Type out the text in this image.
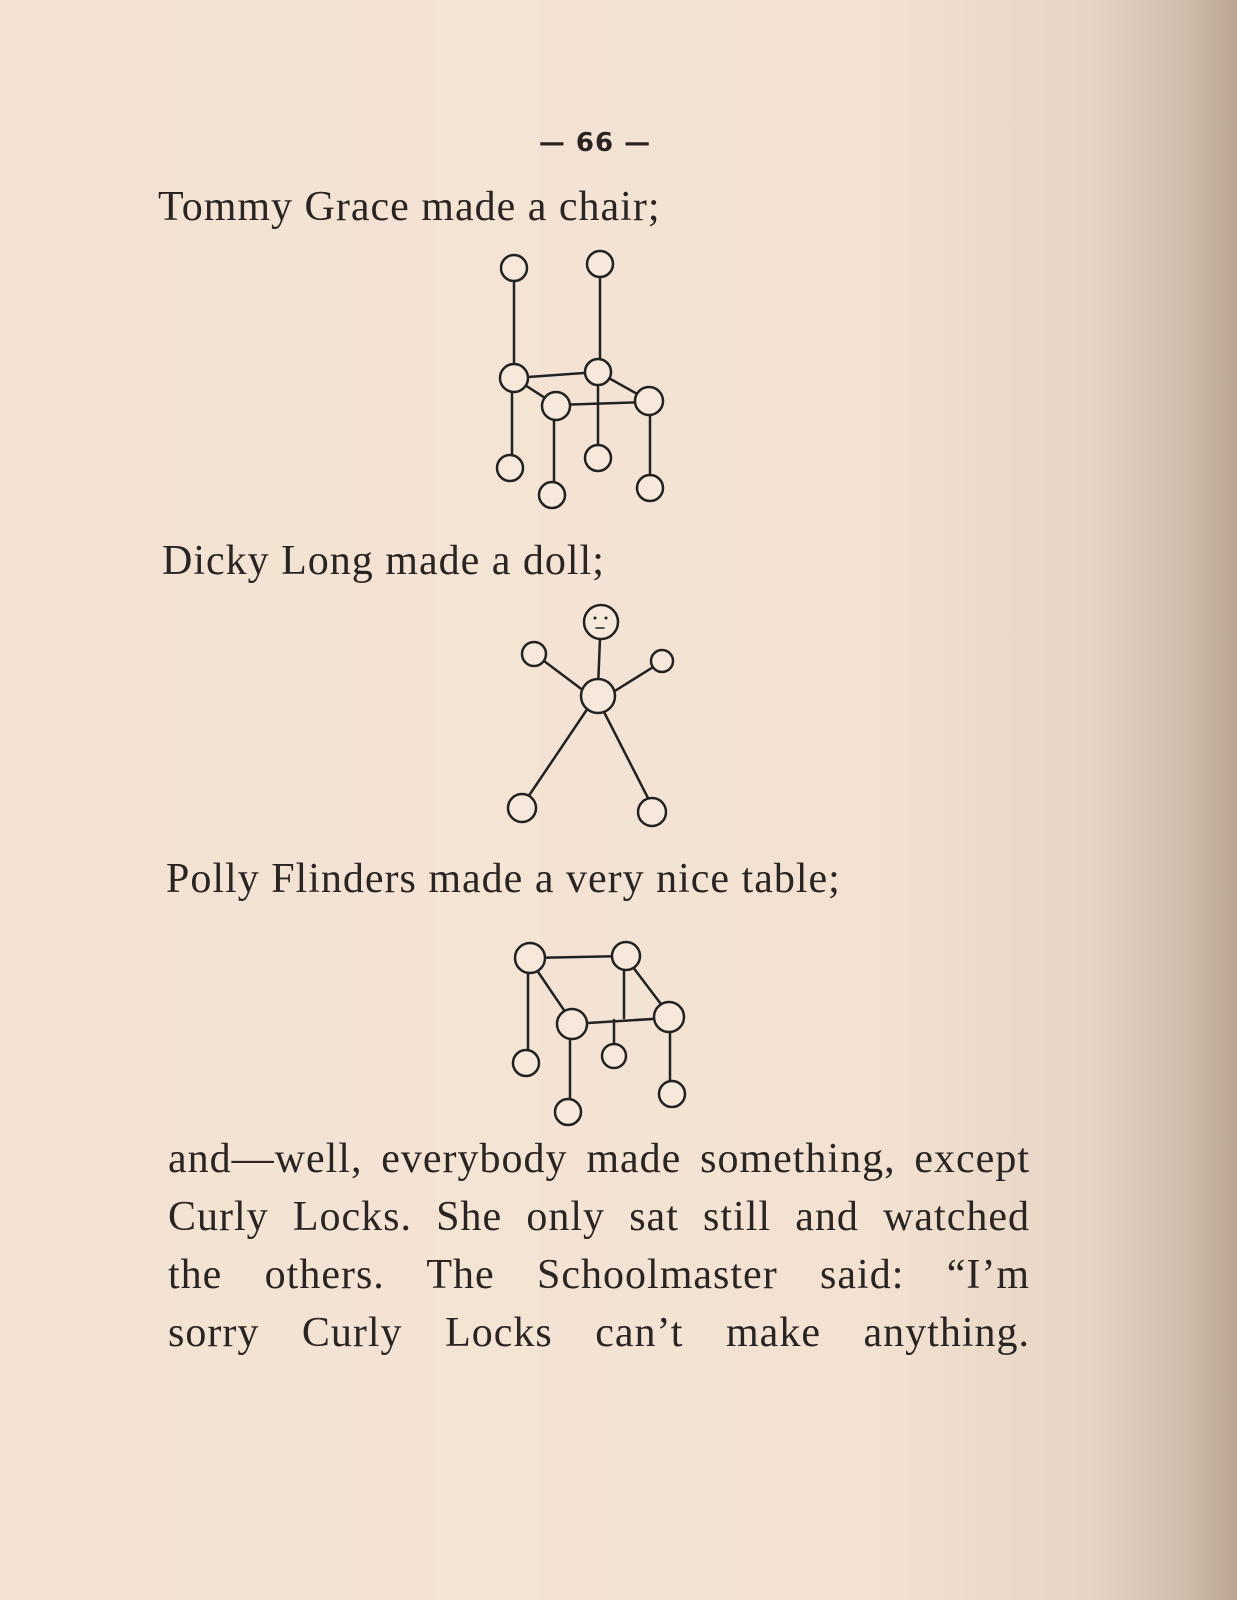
— 66 —
Tommy Grace made a chair;
Dicky Long made a doll;
Polly Flinders made a very nice table;
and—well, everybody made something, except
Curly Locks. She only sat still and watched
the others. The Schoolmaster said: “I’m
sorry Curly Locks can’t make anything.
